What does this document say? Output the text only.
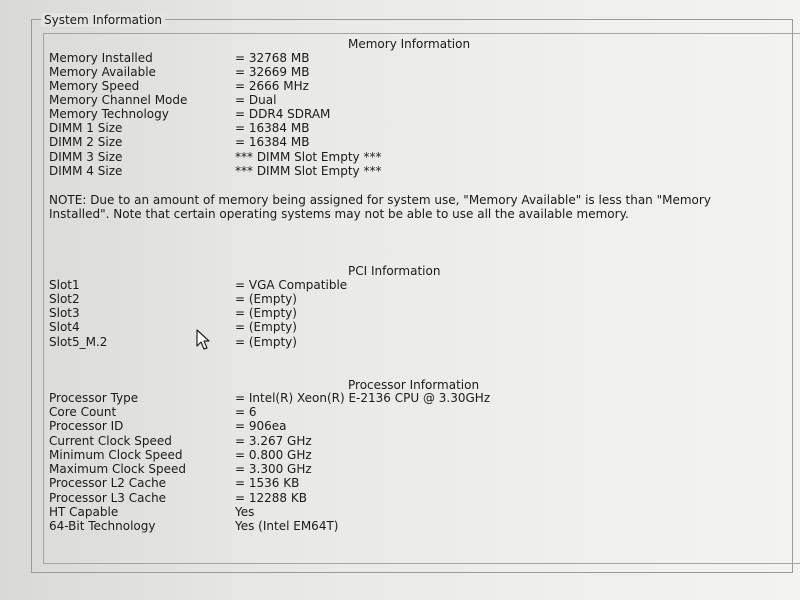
System Information
Memory Information
Memory Installed	= 32768 MB
Memory Available	= 32669 MB
Memory Speed	= 2666 MHz
Memory Channel Mode	= Dual
Memory Technology	= DDR4 SDRAM
DIMM 1 Size	= 16384 MB
DIMM 2 Size	= 16384 MB
DIMM 3 Size	*** DIMM Slot Empty ***
DIMM 4 Size	*** DIMM Slot Empty ***
NOTE: Due to an amount of memory being assigned for system use, "Memory Available" is less than "Memory Installed". Note that certain operating systems may not be able to use all the available memory.
PCI Information
Slot1	= VGA Compatible
Slot2	= (Empty)
Slot3	= (Empty)
Slot4	= (Empty)
Slot5_M.2	= (Empty)
Processor Information
Processor Type	= Intel(R) Xeon(R) E-2136 CPU @ 3.30GHz
Core Count	= 6
Processor ID	= 906ea
Current Clock Speed	= 3.267 GHz
Minimum Clock Speed	= 0.800 GHz
Maximum Clock Speed	= 3.300 GHz
Processor L2 Cache	= 1536 KB
Processor L3 Cache	= 12288 KB
HT Capable	Yes
64-Bit Technology	Yes (Intel EM64T)
